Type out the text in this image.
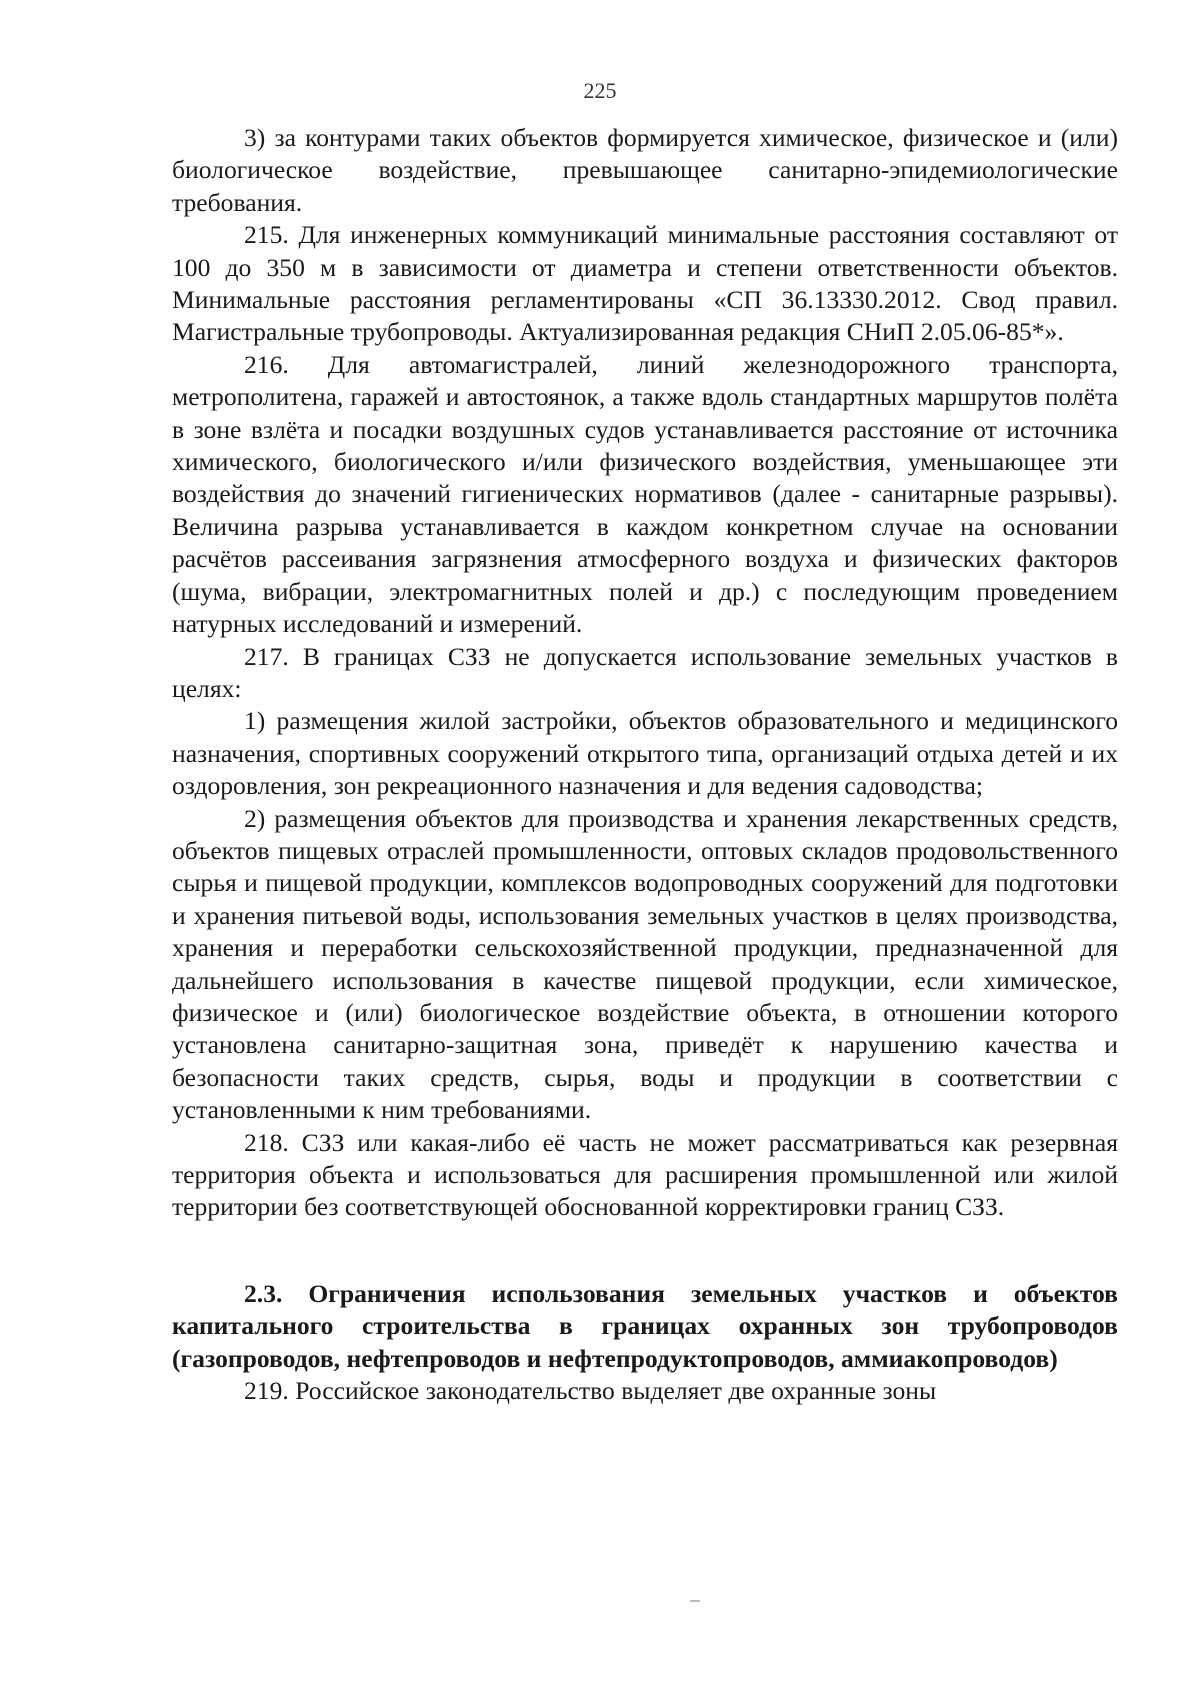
225

3) за контурами таких объектов формируется химическое, физическое и (или) биологическое воздействие, превышающее санитарно-эпидемиологические требования.

215. Для инженерных коммуникаций минимальные расстояния составляют от 100 до 350 м в зависимости от диаметра и степени ответственности объектов. Минимальные расстояния регламентированы «СП 36.13330.2012. Свод правил. Магистральные трубопроводы. Актуализированная редакция СНиП 2.05.06-85*».

216. Для автомагистралей, линий железнодорожного транспорта, метрополитена, гаражей и автостоянок, а также вдоль стандартных маршрутов полёта в зоне взлёта и посадки воздушных судов устанавливается расстояние от источника химического, биологического и/или физического воздействия, уменьшающее эти воздействия до значений гигиенических нормативов (далее - санитарные разрывы). Величина разрыва устанавливается в каждом конкретном случае на основании расчётов рассеивания загрязнения атмосферного воздуха и физических факторов (шума, вибрации, электромагнитных полей и др.) с последующим проведением натурных исследований и измерений.

217. В границах СЗЗ не допускается использование земельных участков в целях:

1) размещения жилой застройки, объектов образовательного и медицинского назначения, спортивных сооружений открытого типа, организаций отдыха детей и их оздоровления, зон рекреационного назначения и для ведения садоводства;

2) размещения объектов для производства и хранения лекарственных средств, объектов пищевых отраслей промышленности, оптовых складов продовольственного сырья и пищевой продукции, комплексов водопроводных сооружений для подготовки и хранения питьевой воды, использования земельных участков в целях производства, хранения и переработки сельскохозяйственной продукции, предназначенной для дальнейшего использования в качестве пищевой продукции, если химическое, физическое и (или) биологическое воздействие объекта, в отношении которого установлена санитарно-защитная зона, приведёт к нарушению качества и безопасности таких средств, сырья, воды и продукции в соответствии с установленными к ним требованиями.

218. СЗЗ или какая-либо её часть не может рассматриваться как резервная территория объекта и использоваться для расширения промышленной или жилой территории без соответствующей обоснованной корректировки границ СЗЗ.

2.3. Ограничения использования земельных участков и объектов капитального строительства в границах охранных зон трубопроводов (газопроводов, нефтепроводов и нефтепродуктопроводов, аммиакопроводов)

219. Российское законодательство выделяет две охранные зоны
